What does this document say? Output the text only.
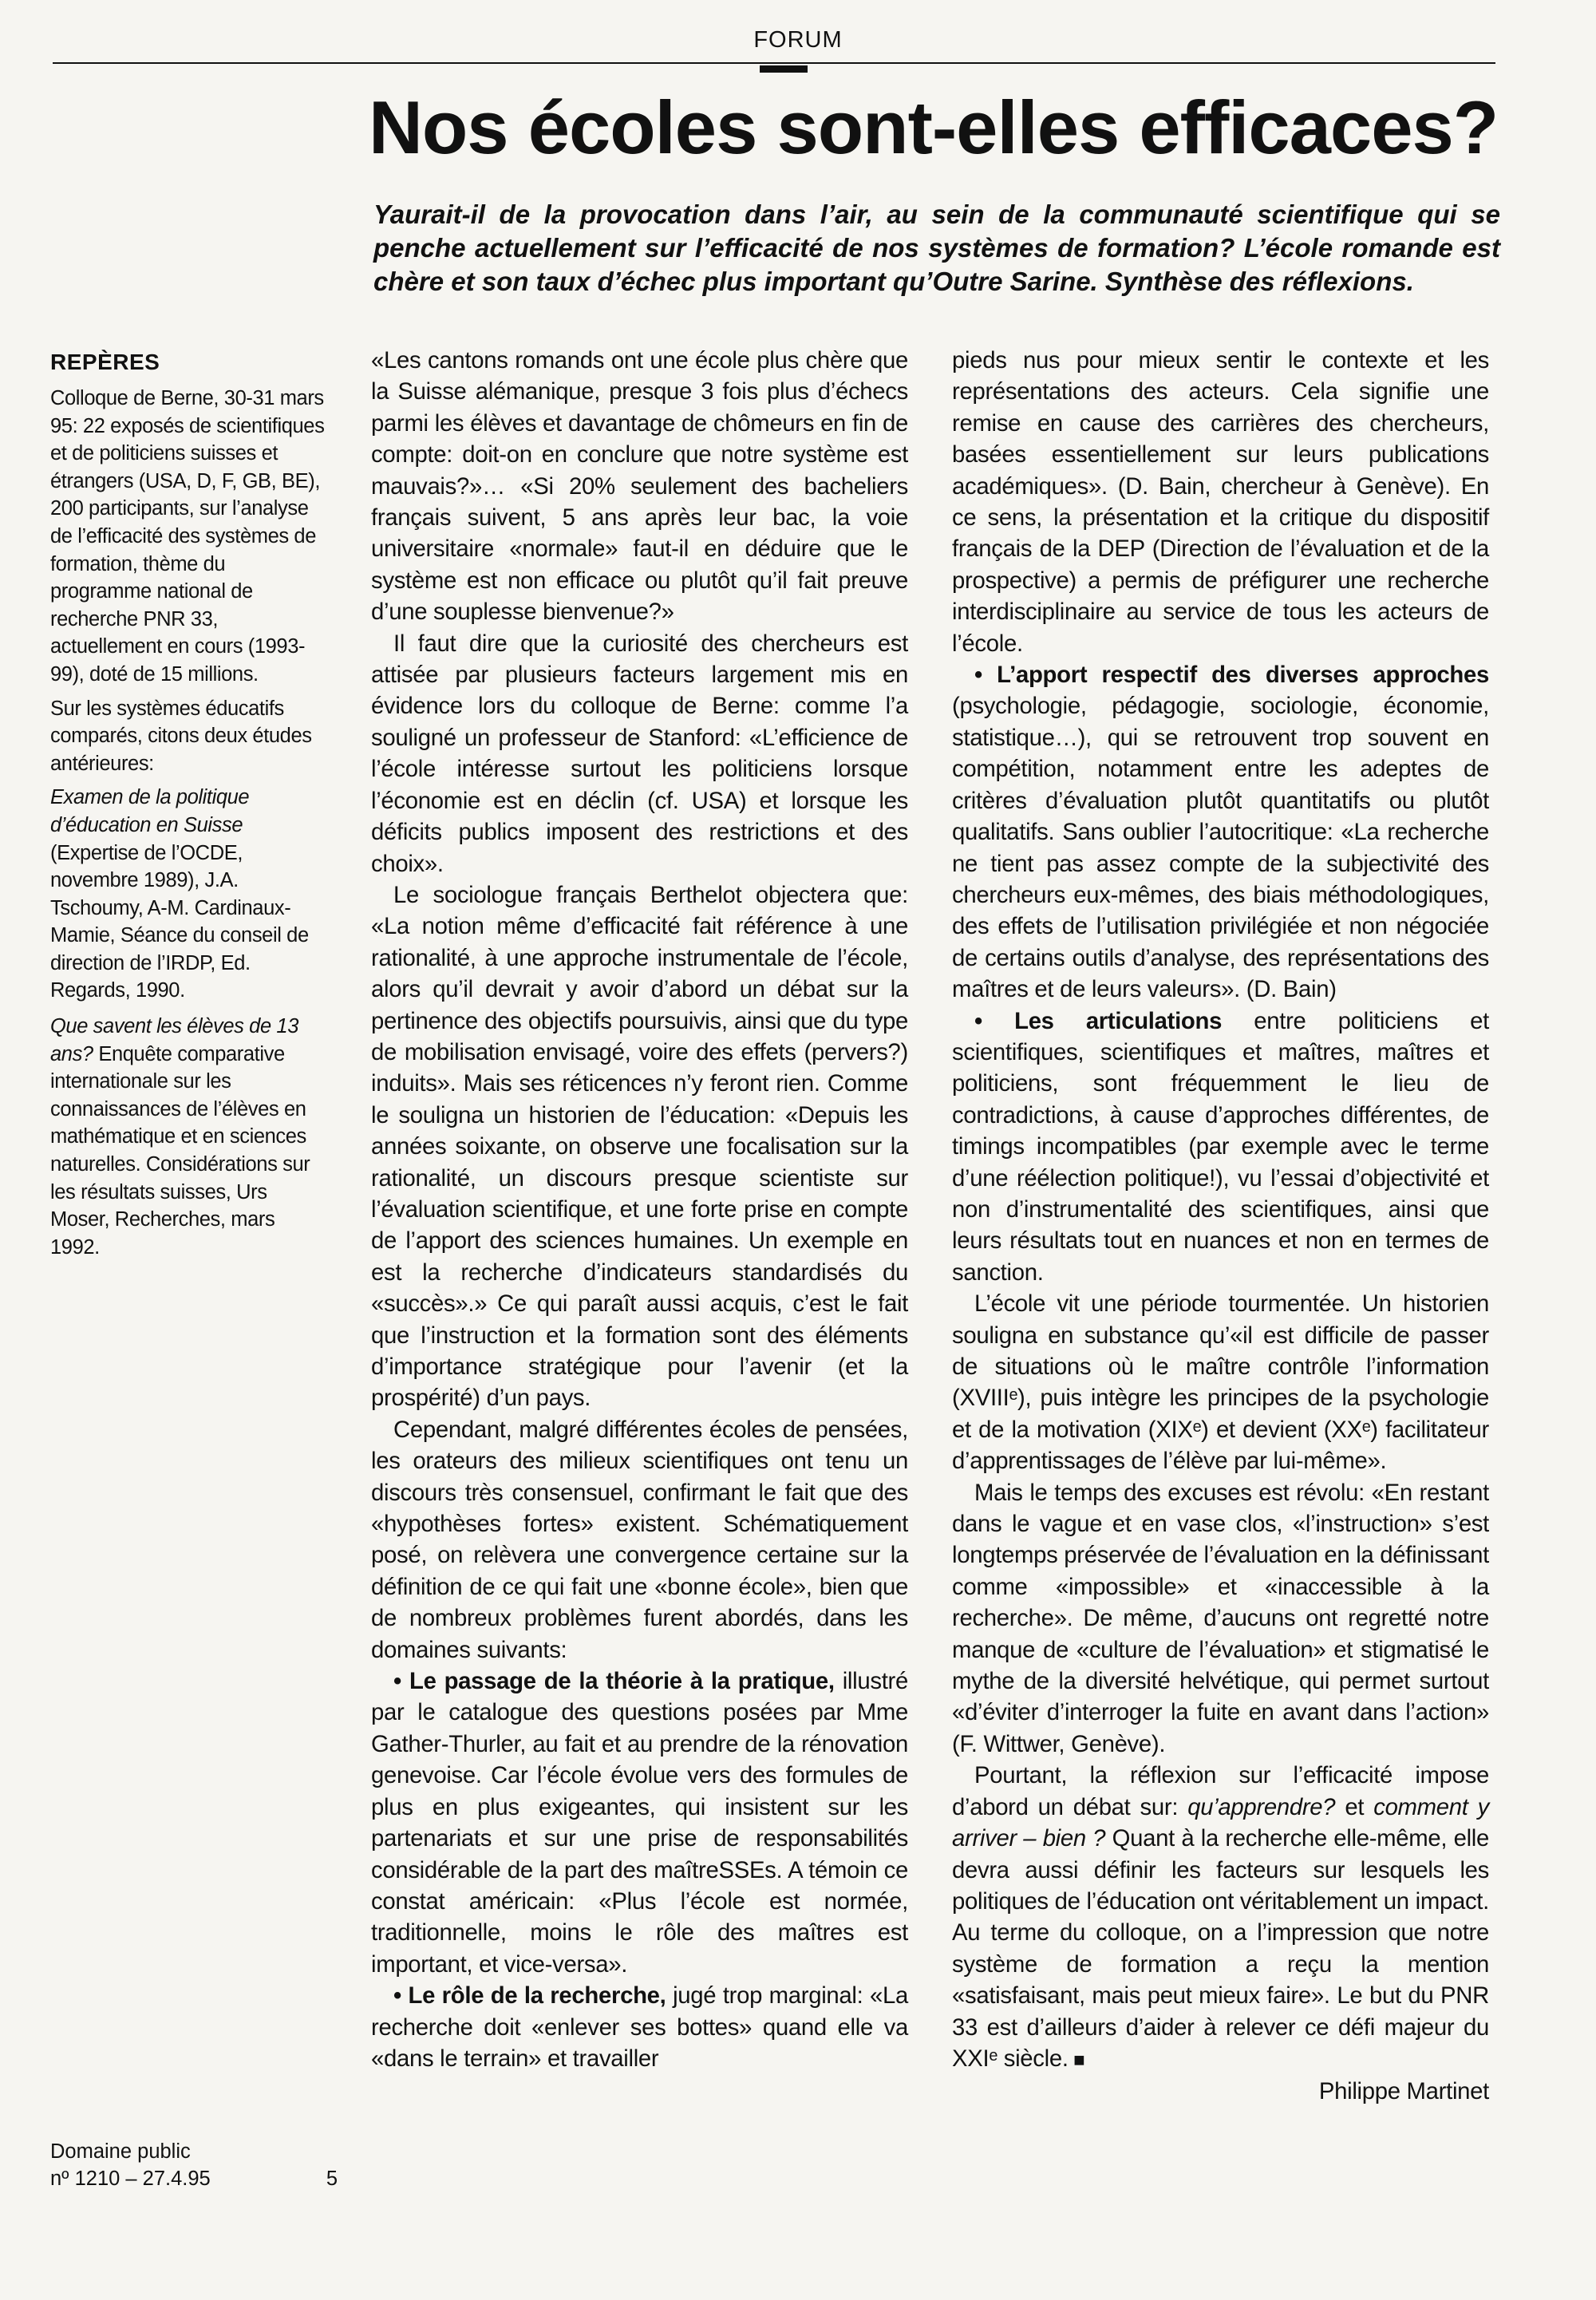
FORUM
Nos écoles sont-elles efficaces?

Yaurait-il de la provocation dans l’air, au sein de la communauté scientifique qui se penche actuellement sur l’efficacité de nos systèmes de formation? L’école romande est chère et son taux d’échec plus important qu’Outre Sarine. Synthèse des réflexions.

REPÈRES

Colloque de Berne, 30-31 mars 95: 22 exposés de scientifiques et de politiciens suisses et étrangers (USA, D, F, GB, BE), 200 participants, sur l’analyse de l’efficacité des systèmes de formation, thème du programme national de recherche PNR 33, actuellement en cours (1993-99), doté de 15 millions.

Sur les systèmes éducatifs comparés, citons deux études antérieures:

Examen de la politique d’éducation en Suisse (Expertise de l’OCDE, novembre 1989), J.A. Tschoumy, A-M. Cardinaux-Mamie, Séance du conseil de direction de l’IRDP, Ed. Regards, 1990.

Que savent les élèves de 13 ans? Enquête comparative internationale sur les connaissances de l’élèves en mathématique et en sciences naturelles. Considérations sur les résultats suisses, Urs Moser, Recherches, mars 1992.

Domaine public
nº 1210 – 27.4.95	5

«Les cantons romands ont une école plus chère que la Suisse alémanique, presque 3 fois plus d’échecs parmi les élèves et davantage de chômeurs en fin de compte: doit-on en conclure que notre système est mauvais?»… «Si 20% seulement des bacheliers français suivent, 5 ans après leur bac, la voie universitaire «normale» faut-il en déduire que le système est non efficace ou plutôt qu’il fait preuve d’une souplesse bienvenue?»

Il faut dire que la curiosité des chercheurs est attisée par plusieurs facteurs largement mis en évidence lors du colloque de Berne: comme l’a souligné un professeur de Stanford: «L’efficience de l’école intéresse surtout les politiciens lorsque l’économie est en déclin (cf. USA) et lorsque les déficits publics imposent des restrictions et des choix».

Le sociologue français Berthelot objectera que: «La notion même d’efficacité fait référence à une rationalité, à une approche instrumentale de l’école, alors qu’il devrait y avoir d’abord un débat sur la pertinence des objectifs poursuivis, ainsi que du type de mobilisation envisagé, voire des effets (pervers?) induits». Mais ses réticences n’y feront rien. Comme le souligna un historien de l’éducation: «Depuis les années soixante, on observe une focalisation sur la rationalité, un discours presque scientiste sur l’évaluation scientifique, et une forte prise en compte de l’apport des sciences humaines. Un exemple en est la recherche d’indicateurs standardisés du «succès».» Ce qui paraît aussi acquis, c’est le fait que l’instruction et la formation sont des éléments d’importance stratégique pour l’avenir (et la prospérité) d’un pays.

Cependant, malgré différentes écoles de pensées, les orateurs des milieux scientifiques ont tenu un discours très consensuel, confirmant le fait que des «hypothèses fortes» existent. Schématiquement posé, on relèvera une convergence certaine sur la définition de ce qui fait une «bonne école», bien que de nombreux problèmes furent abordés, dans les domaines suivants:

• Le passage de la théorie à la pratique, illustré par le catalogue des questions posées par Mme Gather-Thurler, au fait et au prendre de la rénovation genevoise. Car l’école évolue vers des formules de plus en plus exigeantes, qui insistent sur les partenariats et sur une prise de responsabilités considérable de la part des maîtreSSEs. A témoin ce constat américain: «Plus l’école est normée, traditionnelle, moins le rôle des maîtres est important, et vice-versa».

• Le rôle de la recherche, jugé trop marginal: «La recherche doit «enlever ses bottes» quand elle va «dans le terrain» et travailler

pieds nus pour mieux sentir le contexte et les représentations des acteurs. Cela signifie une remise en cause des carrières des chercheurs, basées essentiellement sur leurs publications académiques». (D. Bain, chercheur à Genève). En ce sens, la présentation et la critique du dispositif français de la DEP (Direction de l’évaluation et de la prospective) a permis de préfigurer une recherche interdisciplinaire au service de tous les acteurs de l’école.

• L’apport respectif des diverses approches (psychologie, pédagogie, sociologie, économie, statistique…), qui se retrouvent trop souvent en compétition, notamment entre les adeptes de critères d’évaluation plutôt quantitatifs ou plutôt qualitatifs. Sans oublier l’autocritique: «La recherche ne tient pas assez compte de la subjectivité des chercheurs eux-mêmes, des biais méthodologiques, des effets de l’utilisation privilégiée et non négociée de certains outils d’analyse, des représentations des maîtres et de leurs valeurs». (D. Bain)

• Les articulations entre politiciens et scientifiques, scientifiques et maîtres, maîtres et politiciens, sont fréquemment le lieu de contradictions, à cause d’approches différentes, de timings incompatibles (par exemple avec le terme d’une réélection politique!), vu l’essai d’objectivité et non d’instrumentalité des scientifiques, ainsi que leurs résultats tout en nuances et non en termes de sanction.

L’école vit une période tourmentée. Un historien souligna en substance qu’«il est difficile de passer de situations où le maître contrôle l’information (XVIIIᵉ), puis intègre les principes de la psychologie et de la motivation (XIXᵉ) et devient (XXᵉ) facilitateur d’apprentissages de l’élève par lui-même».

Mais le temps des excuses est révolu: «En restant dans le vague et en vase clos, «l’instruction» s’est longtemps préservée de l’évaluation en la définissant comme «impossible» et «inaccessible à la recherche». De même, d’aucuns ont regretté notre manque de «culture de l’évaluation» et stigmatisé le mythe de la diversité helvétique, qui permet surtout «d’éviter d’interroger la fuite en avant dans l’action» (F. Wittwer, Genève).

Pourtant, la réflexion sur l’efficacité impose d’abord un débat sur: qu’apprendre? et comment y arriver – bien ? Quant à la recherche elle-même, elle devra aussi définir les facteurs sur lesquels les politiques de l’éducation ont véritablement un impact. Au terme du colloque, on a l’impression que notre système de formation a reçu la mention «satisfaisant, mais peut mieux faire». Le but du PNR 33 est d’ailleurs d’aider à relever ce défi majeur du XXIᵉ siècle. ■

Philippe Martinet
